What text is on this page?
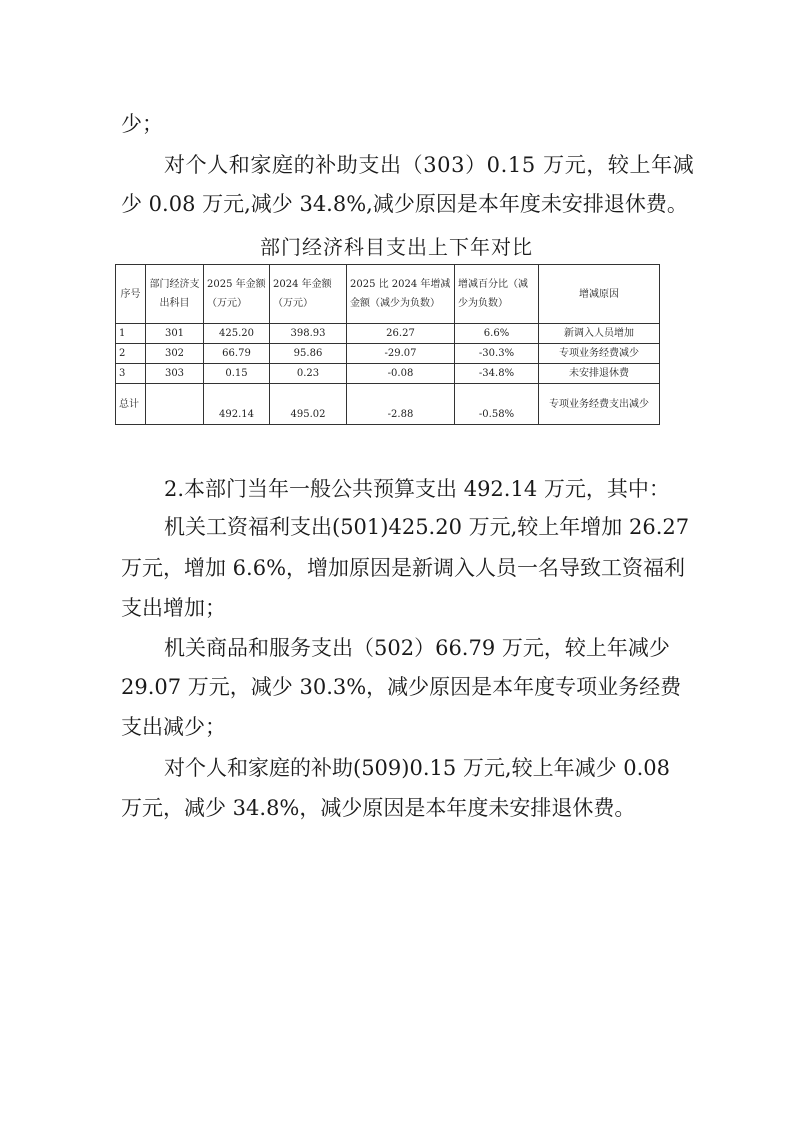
少；
对个人和家庭的补助支出（303）0.15 万元，较上年减
少 0.08 万元,减少 34.8%,减少原因是本年度未安排退休费。
部门经济科目支出上下年对比
序号	部门经济支出科目	2025 年金额（万元）	2024 年金额（万元）	2025 比 2024 年增减金额（减少为负数）	增减百分比（减少为负数）	增减原因
1	301	425.20	398.93	26.27	6.6%	新调入人员增加
2	302	66.79	95.86	-29.07	-30.3%	专项业务经费减少
3	303	0.15	0.23	-0.08	-34.8%	未安排退休费
总计		492.14	495.02	-2.88	-0.58%	专项业务经费支出减少
2.本部门当年一般公共预算支出 492.14 万元，其中：
机关工资福利支出(501)425.20 万元,较上年增加 26.27
万元，增加 6.6%，增加原因是新调入人员一名导致工资福利
支出增加；
机关商品和服务支出（502）66.79 万元，较上年减少
29.07 万元，减少 30.3%，减少原因是本年度专项业务经费
支出减少；
对个人和家庭的补助(509)0.15 万元,较上年减少 0.08
万元，减少 34.8%，减少原因是本年度未安排退休费。
